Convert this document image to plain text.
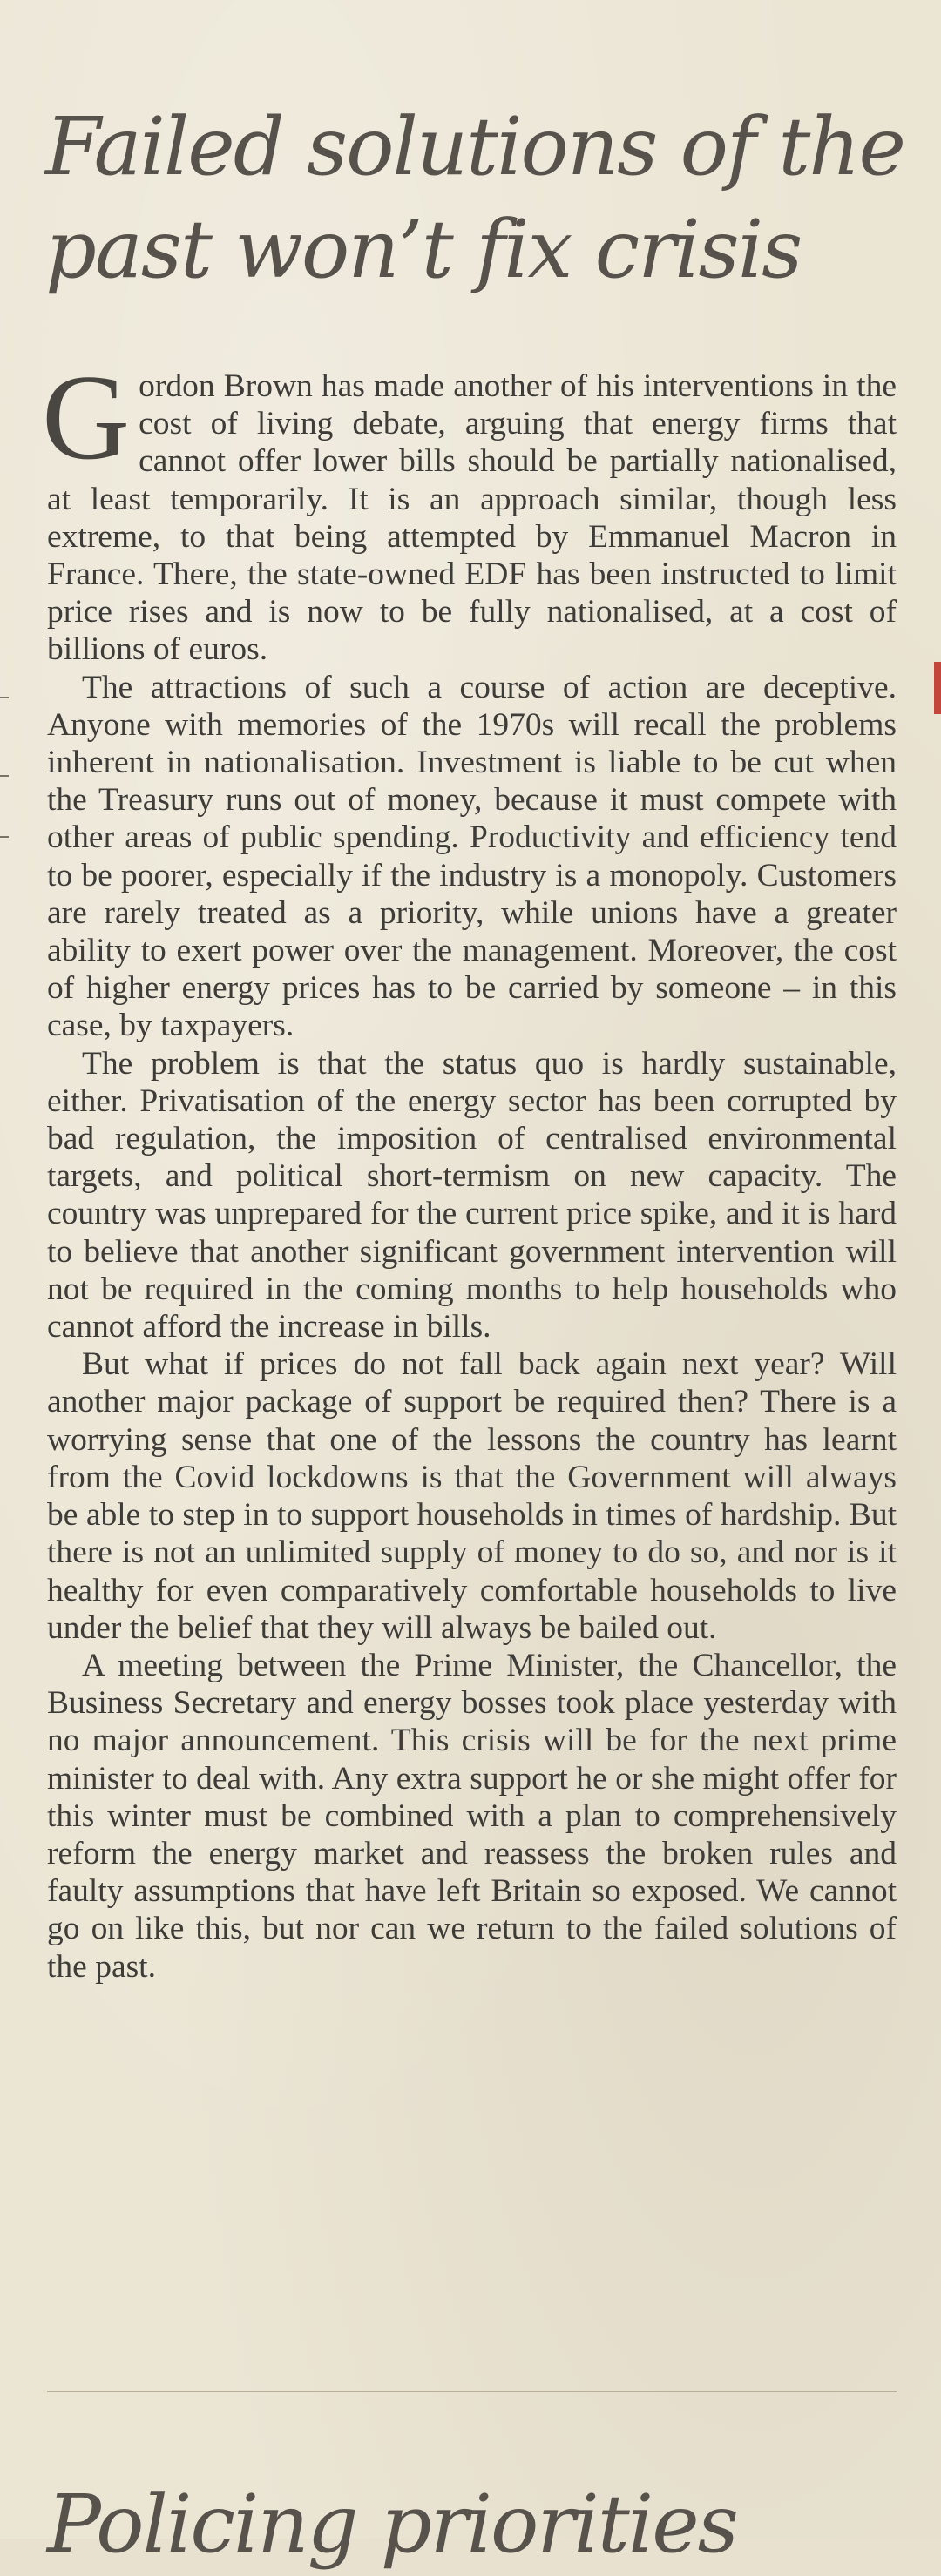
Failed solutions of the
past won’t fix crisis

Gordon Brown has made another of his interventions in the cost of living debate, arguing that energy firms that cannot offer lower bills should be partially nationalised, at least temporarily. It is an approach similar, though less extreme, to that being attempted by Emmanuel Macron in France. There, the state-owned EDF has been instructed to limit price rises and is now to be fully nationalised, at a cost of billions of euros.

The attractions of such a course of action are deceptive. Anyone with memories of the 1970s will recall the problems inherent in nationalisation. Investment is liable to be cut when the Treasury runs out of money, because it must compete with other areas of public spending. Productivity and efficiency tend to be poorer, especially if the industry is a monopoly. Customers are rarely treated as a priority, while unions have a greater ability to exert power over the management. Moreover, the cost of higher energy prices has to be carried by someone – in this case, by taxpayers.

The problem is that the status quo is hardly sustainable, either. Privatisation of the energy sector has been corrupted by bad regulation, the imposition of centralised environmental targets, and political short-termism on new capacity. The country was unprepared for the current price spike, and it is hard to believe that another significant government intervention will not be required in the coming months to help households who cannot afford the increase in bills.

But what if prices do not fall back again next year? Will another major package of support be required then? There is a worrying sense that one of the lessons the country has learnt from the Covid lockdowns is that the Government will always be able to step in to support households in times of hardship. But there is not an unlimited supply of money to do so, and nor is it healthy for even comparatively comfortable households to live under the belief that they will always be bailed out.

A meeting between the Prime Minister, the Chancellor, the Business Secretary and energy bosses took place yesterday with no major announcement. This crisis will be for the next prime minister to deal with. Any extra support he or she might offer for this winter must be combined with a plan to comprehensively reform the energy market and reassess the broken rules and faulty assumptions that have left Britain so exposed. We cannot go on like this, but nor can we return to the failed solutions of the past.

Policing priorities
